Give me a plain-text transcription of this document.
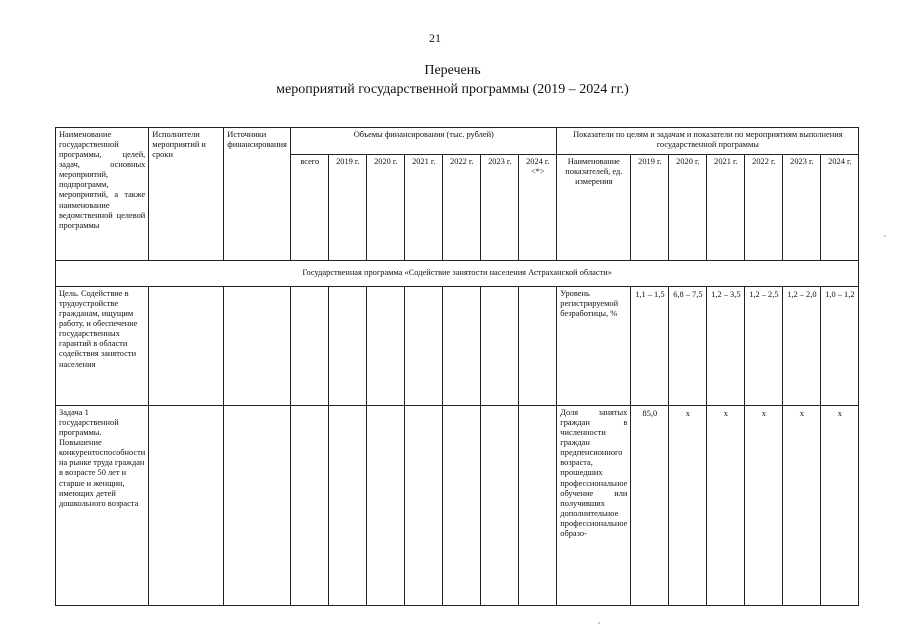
21
Перечень
мероприятий государственной программы (2019 – 2024 гг.)
Наименование государственной программы, целей, задач, основных мероприятий, подпрограмм, мероприятий, а также наименование ведомственной целевой программы	Исполнители мероприятий и сроки	Источники финансирования	Объемы финансирования (тыс. рублей)							Показатели по целям и задачам и показатели по мероприятиям выполнения государственной программы						
			всего	2019 г.	2020 г.	2021 г.	2022 г.	2023 г.	2024 г. <*>	Наименование показателей, ед. измерения	2019 г.	2020 г.	2021 г.	2022 г.	2023 г.	2024 г.
Государственная программа «Содействие занятости населения Астраханской области»																
Цель. Содействие в трудоустройстве гражданам, ищущим работу, и обеспечение государственных гарантий в области содействия занятости населения										Уровень регистрируемой безработицы, %	1,1 – 1,5	6,8 – 7,5	1,2 – 3,5	1,2 – 2,5	1,2 – 2,0	1,0 – 1,2
Задача 1 государственной программы. Повышение конкурентоспособности на рынке труда граждан в возрасте 50 лет и старше и женщин, имеющих детей дошкольного возраста										Доля занятых граждан в численности граждан предпенсионного возраста, прошедших профессиональное обучение или получивших дополнительное профессиональное образо-	85,0	x	x	x	x	x
